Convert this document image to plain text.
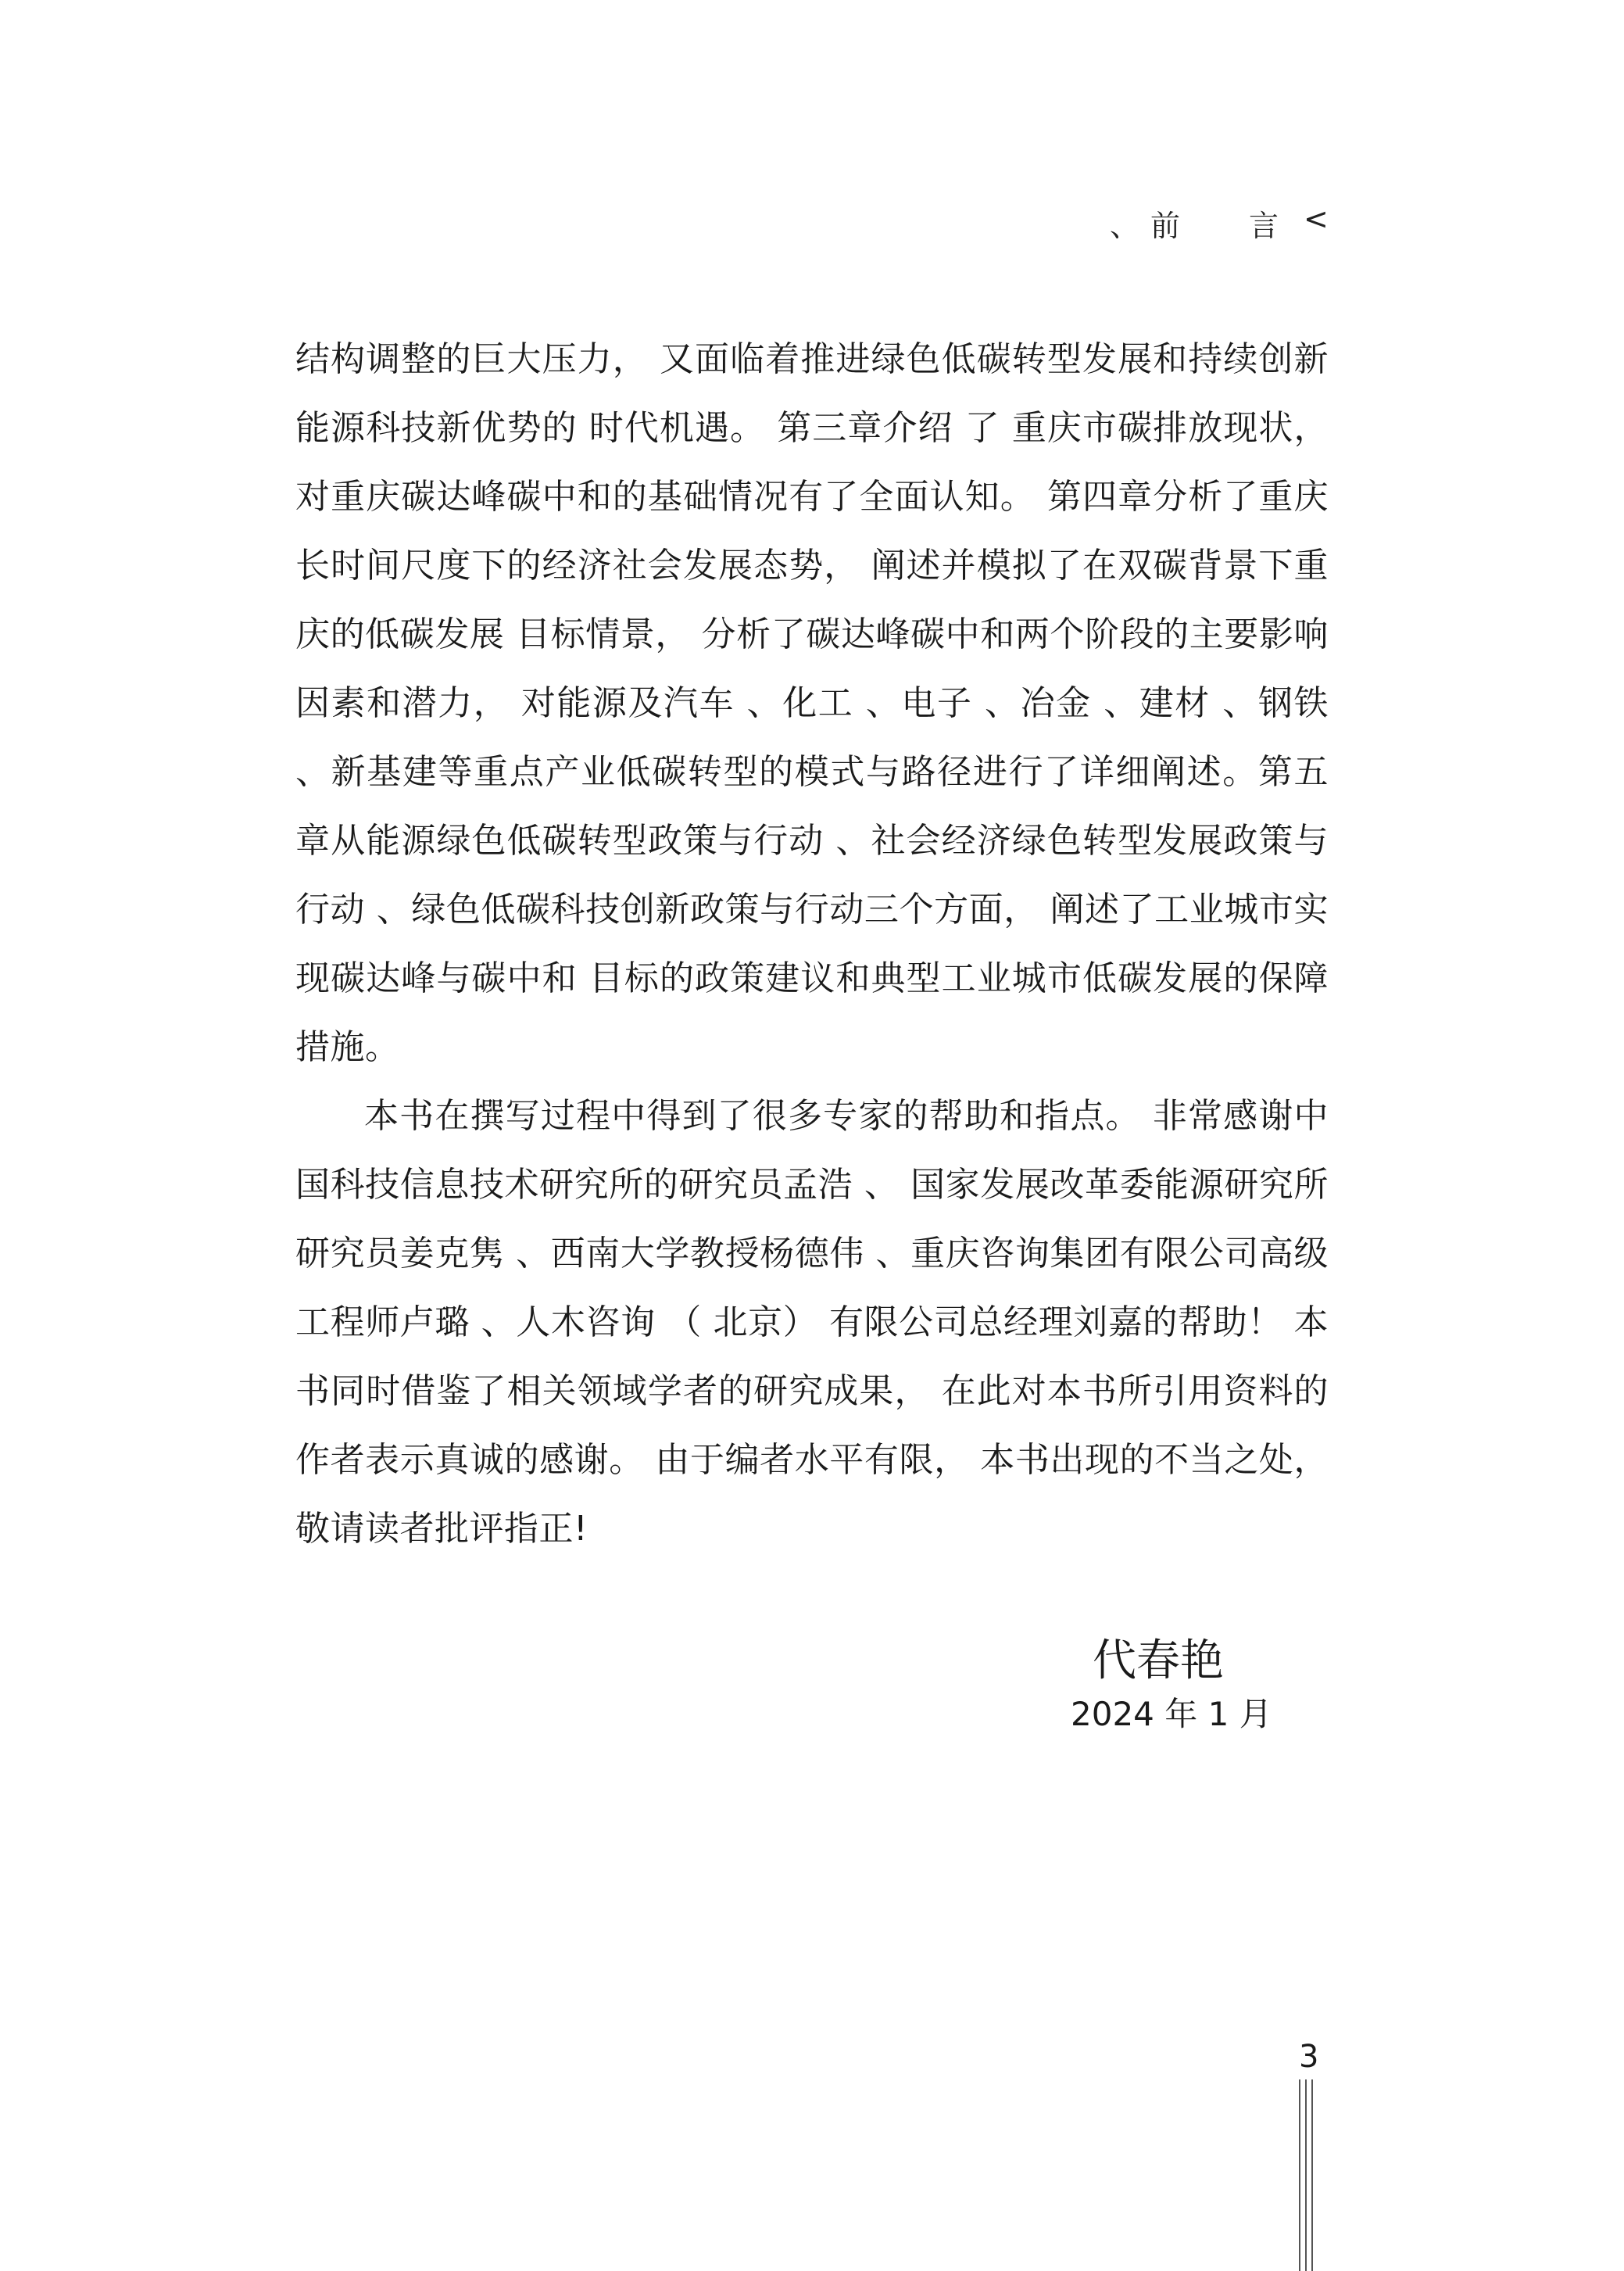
、 前 言 <

结构调整的巨大压力， 又面临着推进绿色低碳转型发展和持续创新能源科技新优势的 时代机遇。 第三章介绍 了 重庆市碳排放现状， 对重庆碳达峰碳中和的基础情况有了全面认知。 第四章分析了重庆长时间尺度下的经济社会发展态势， 阐述并模拟了在双碳背景下重庆的低碳发展 目标情景， 分析了碳达峰碳中和两个阶段的主要影响因素和潜力， 对能源及汽车 、化工 、电子 、冶金 、建材 、钢铁 、新基建等重点产业低碳转型的模式与路径进行了详细阐述。第五章从能源绿色低碳转型政策与行动 、社会经济绿色转型发展政策与行动 、绿色低碳科技创新政策与行动三个方面， 阐述了工业城市实现碳达峰与碳中和 目标的政策建议和典型工业城市低碳发展的保障措施。

本书在撰写过程中得到了很多专家的帮助和指点。 非常感谢中国科技信息技术研究所的研究员孟浩 、 国家发展改革委能源研究所研究员姜克隽 、西南大学教授杨德伟 、重庆咨询集团有限公司高级工程师卢璐 、人木咨询 （ 北京） 有限公司总经理刘嘉的帮助！ 本书同时借鉴了相关领域学者的研究成果， 在此对本书所引用资料的作者表示真诚的感谢。 由于编者水平有限， 本书出现的不当之处，敬请读者批评指正!

代春艳
2024 年 1 月
3
